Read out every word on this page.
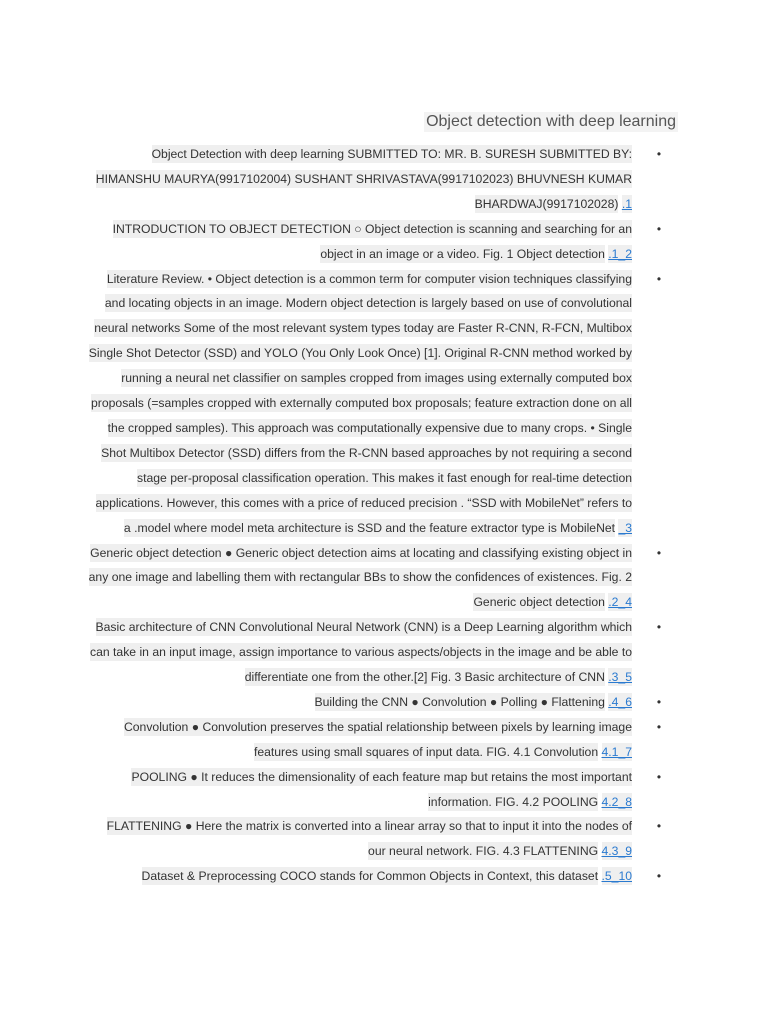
Object detection with deep learning
Object Detection with deep learning SUBMITTED TO: MR. B. SURESH SUBMITTED BY: HIMANSHU MAURYA(9917102004) SUSHANT SHRIVASTAVA(9917102023) BHUVNESH KUMAR BHARDWAJ(9917102028) .1
•
INTRODUCTION TO OBJECT DETECTION ○ Object detection is scanning and searching for an object in an image or a video. Fig. 1 Object detection .1_2
•
Literature Review. • Object detection is a common term for computer vision techniques classifying and locating objects in an image. Modern object detection is largely based on use of convolutional neural networks Some of the most relevant system types today are Faster R-CNN, R-FCN, Multibox Single Shot Detector (SSD) and YOLO (You Only Look Once) [1]. Original R-CNN method worked by running a neural net classifier on samples cropped from images using externally computed box proposals (=samples cropped with externally computed box proposals; feature extraction done on all the cropped samples). This approach was computationally expensive due to many crops. • Single Shot Multibox Detector (SSD) differs from the R-CNN based approaches by not requiring a second stage per-proposal classification operation. This makes it fast enough for real-time detection applications. However, this comes with a price of reduced precision . “SSD with MobileNet” refers to a .model where model meta architecture is SSD and the feature extractor type is MobileNet _3
•
Generic object detection ● Generic object detection aims at locating and classifying existing object in any one image and labelling them with rectangular BBs to show the confidences of existences. Fig. 2 Generic object detection .2_4
•
Basic architecture of CNN Convolutional Neural Network (CNN) is a Deep Learning algorithm which can take in an input image, assign importance to various aspects/objects in the image and be able to differentiate one from the other.[2] Fig. 3 Basic architecture of CNN .3_5
•
Building the CNN ● Convolution ● Polling ● Flattening .4_6 •
Convolution ● Convolution preserves the spatial relationship between pixels by learning image features using small squares of input data. FIG. 4.1 Convolution 4.1_7
•
POOLING ● It reduces the dimensionality of each feature map but retains the most important information. FIG. 4.2 POOLING 4.2_8
•
FLATTENING ● Here the matrix is converted into a linear array so that to input it into the nodes of our neural network. FIG. 4.3 FLATTENING 4.3_9
•
Dataset & Preprocessing COCO stands for Common Objects in Context, this dataset .5_10 •
